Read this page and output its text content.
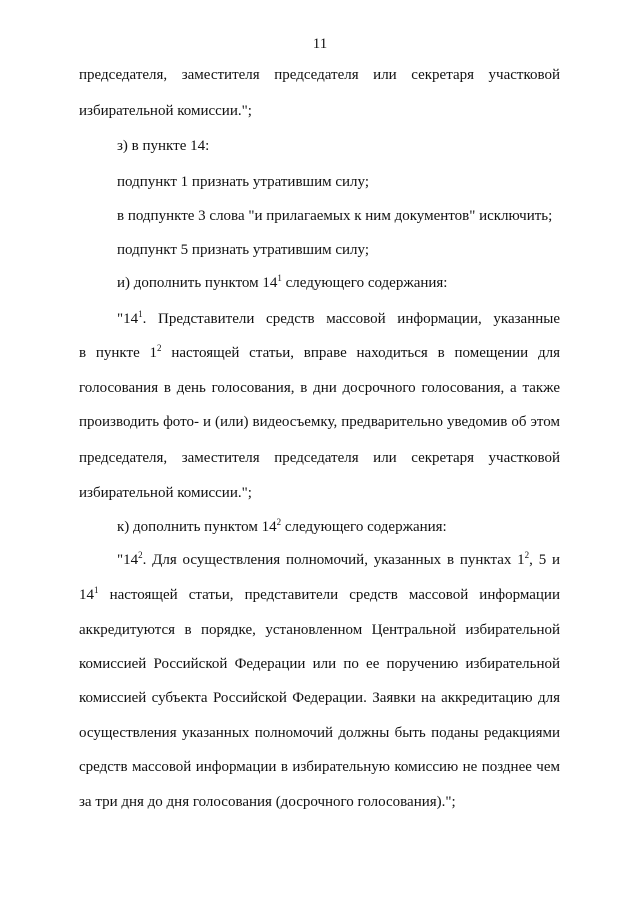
11
председателя, заместителя председателя или секретаря участковой
избирательной комиссии.";
з) в пункте 14:
подпункт 1 признать утратившим силу;
в подпункте 3 слова "и прилагаемых к ним документов" исключить;
подпункт 5 признать утратившим силу;
и) дополнить пунктом $14^1$ следующего содержания:
"$14^1$. Представители средств массовой информации, указанные
в пункте $1^2$ настоящей статьи, вправе находиться в помещении для
голосования в день голосования, в дни досрочного голосования, а также
производить фото- и (или) видеосъемку, предварительно уведомив об этом
председателя, заместителя председателя или секретаря участковой
избирательной комиссии.";
к) дополнить пунктом $14^2$ следующего содержания:
"$14^2$. Для осуществления полномочий, указанных в пунктах $1^2$, 5 и
$14^1$ настоящей статьи, представители средств массовой информации
аккредитуются в порядке, установленном Центральной избирательной
комиссией Российской Федерации или по ее поручению избирательной
комиссией субъекта Российской Федерации. Заявки на аккредитацию для
осуществления указанных полномочий должны быть поданы редакциями
средств массовой информации в избирательную комиссию не позднее чем
за три дня до дня голосования (досрочного голосования).";
